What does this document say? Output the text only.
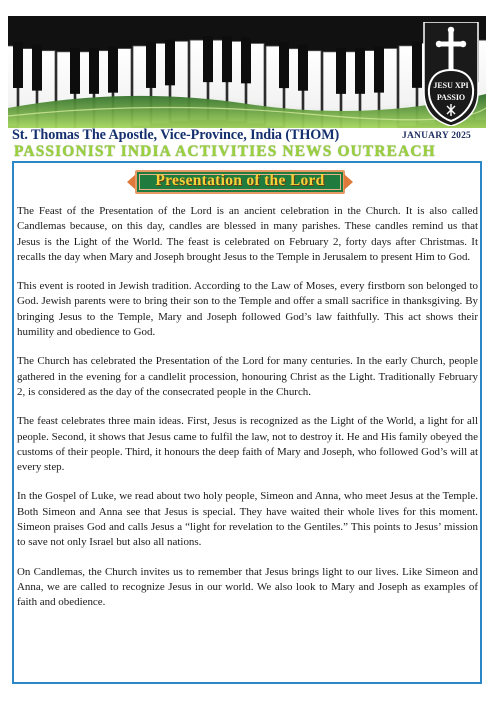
JESU XPI
PASSIO
St. Thomas The Apostle, Vice-Province, India (THOM)	JANUARY 2025
PASSIONIST INDIA ACTIVITIES NEWS OUTREACH
Presentation of the Lord

The Feast of the Presentation of the Lord is an ancient celebration in the Church. It is also called Candlemas because, on this day, candles are blessed in many parishes. These candles remind us that Jesus is the Light of the World. The feast is celebrated on February 2, forty days after Christmas. It recalls the day when Mary and Joseph brought Jesus to the Temple in Jerusalem to present Him to God.

This event is rooted in Jewish tradition. According to the Law of Moses, every firstborn son belonged to God. Jewish parents were to bring their son to the Temple and offer a small sacrifice in thanksgiving. By bringing Jesus to the Temple, Mary and Joseph followed God’s law faithfully. This act shows their humility and obedience to God.

The Church has celebrated the Presentation of the Lord for many centuries. In the early Church, people gathered in the evening for a candlelit procession, honouring Christ as the Light. Traditionally February 2, is considered as the day of the consecrated people in the Church.

The feast celebrates three main ideas. First, Jesus is recognized as the Light of the World, a light for all people. Second, it shows that Jesus came to fulfil the law, not to destroy it. He and His family obeyed the customs of their people. Third, it honours the deep faith of Mary and Joseph, who followed God’s will at every step.

In the Gospel of Luke, we read about two holy people, Simeon and Anna, who meet Jesus at the Temple. Both Simeon and Anna see that Jesus is special. They have waited their whole lives for this moment. Simeon praises God and calls Jesus a “light for revelation to the Gentiles.” This points to Jesus’ mission to save not only Israel but also all nations.

On Candlemas, the Church invites us to remember that Jesus brings light to our lives. Like Simeon and Anna, we are called to recognize Jesus in our world. We also look to Mary and Joseph as examples of faith and obedience.
